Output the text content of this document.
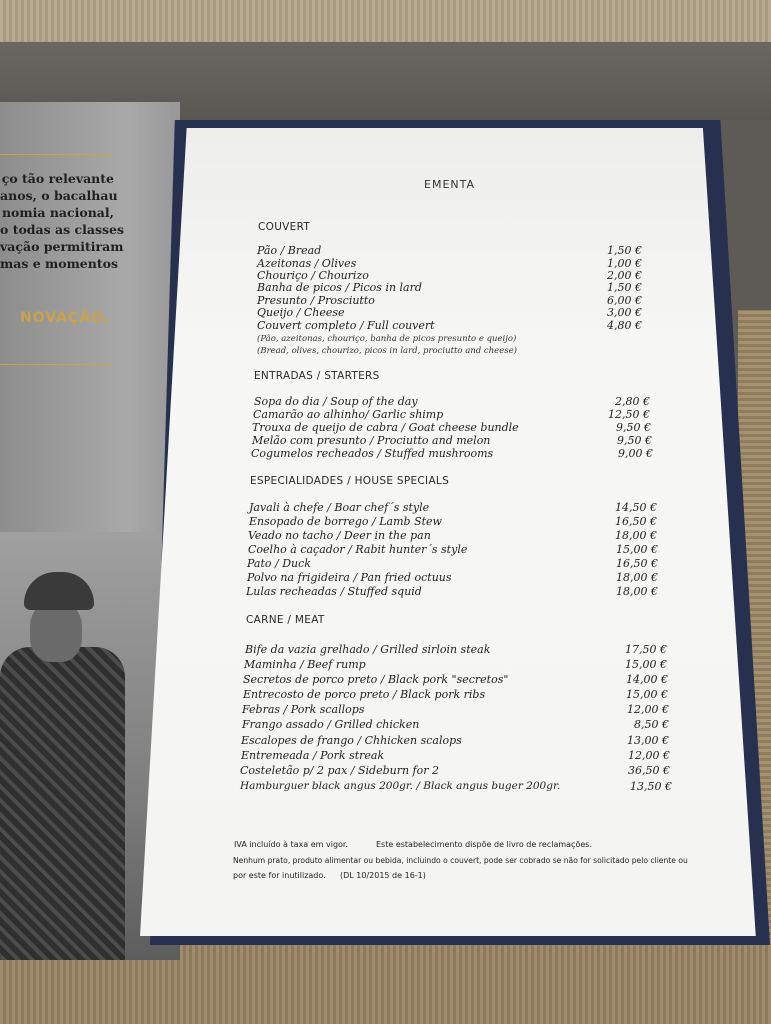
ço tão relevante
anos, o bacalhau
nomia nacional,
o todas as classes
vação permitiram
mas e momentos
NOVAÇÃO,
EMENTA
COUVERT
Pão / Bread	1,50 €
Azeitonas / Olives	1,00 €
Chouriço / Chourizo	2,00 €
Banha de picos / Picos in lard	1,50 €
Presunto / Prosciutto	6,00 €
Queijo / Cheese	3,00 €
Couvert completo / Full couvert	4,80 €
(Pão, azeitonas, chouriço, banha de picos presunto e queijo)
(Bread, olives, chourizo, picos in lard, prociutto and cheese)
ENTRADAS / STARTERS
Sopa do dia / Soup of the day	2,80 €
Camarão ao alhinho/ Garlic shimp	12,50 €
Trouxa de queijo de cabra / Goat cheese bundle	9,50 €
Melão com presunto / Prociutto and melon	9,50 €
Cogumelos recheados / Stuffed mushrooms	9,00 €
ESPECIALIDADES / HOUSE SPECIALS
Javali à chefe / Boar chef´s style	14,50 €
Ensopado de borrego / Lamb Stew	16,50 €
Veado no tacho / Deer in the pan	18,00 €
Coelho à caçador / Rabit hunter´s style	15,00 €
Pato / Duck	16,50 €
Polvo na frigideira / Pan fried octuus	18,00 €
Lulas recheadas / Stuffed squid	18,00 €
CARNE / MEAT
Bife da vazia grelhado / Grilled sirloin steak	17,50 €
Maminha / Beef rump	15,00 €
Secretos de porco preto / Black pork "secretos"	14,00 €
Entrecosto de porco preto / Black pork ribs	15,00 €
Febras / Pork scallops	12,00 €
Frango assado / Grilled chicken	8,50 €
Escalopes de frango / Chhicken scalops	13,00 €
Entremeada / Pork streak	12,00 €
Costeletão p/ 2 pax / Sideburn for 2	36,50 €
Hamburguer black angus 200gr. / Black angus buger 200gr.	13,50 €
IVA incluído à taxa em vigor.	Este estabelecimento dispõe de livro de reclamações.
Nenhum prato, produto alimentar ou bebida, incluindo o couvert, pode ser cobrado se não for solicitado pelo cliente ou
por este for inutilizado. (DL 10/2015 de 16-1)
